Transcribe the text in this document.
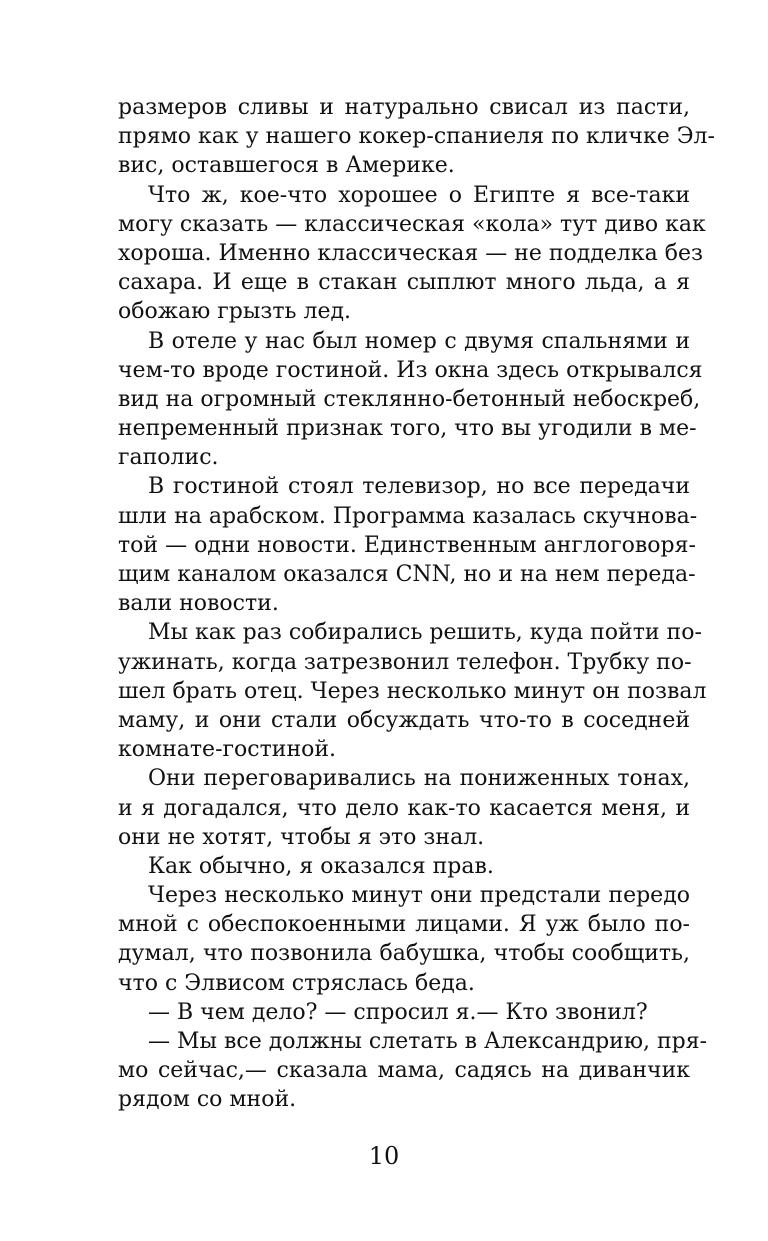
размеров сливы и натурально свисал из пасти,
прямо как у нашего кокер-спаниеля по кличке Эл-
вис, оставшегося в Америке.
Что ж, кое-что хорошее о Египте я все-таки
могу сказать — классическая «кола» тут диво как
хороша. Именно классическая — не подделка без
сахара. И еще в стакан сыплют много льда, а я
обожаю грызть лед.
В отеле у нас был номер с двумя спальнями и
чем-то вроде гостиной. Из окна здесь открывался
вид на огромный стеклянно-бетонный небоскреб,
непременный признак того, что вы угодили в ме-
гаполис.
В гостиной стоял телевизор, но все передачи
шли на арабском. Программа казалась скучнова-
той — одни новости. Единственным англоговоря-
щим каналом оказался CNN, но и на нем переда-
вали новости.
Мы как раз собирались решить, куда пойти по-
ужинать, когда затрезвонил телефон. Трубку по-
шел брать отец. Через несколько минут он позвал
маму, и они стали обсуждать что-то в соседней
комнате-гостиной.
Они переговаривались на пониженных тонах,
и я догадался, что дело как-то касается меня, и
они не хотят, чтобы я это знал.
Как обычно, я оказался прав.
Через несколько минут они предстали передо
мной с обеспокоенными лицами. Я уж было по-
думал, что позвонила бабушка, чтобы сообщить,
что с Элвисом стряслась беда.
— В чем дело? — спросил я.— Кто звонил?
— Мы все должны слетать в Александрию, пря-
мо сейчас,— сказала мама, садясь на диванчик
рядом со мной.
10
